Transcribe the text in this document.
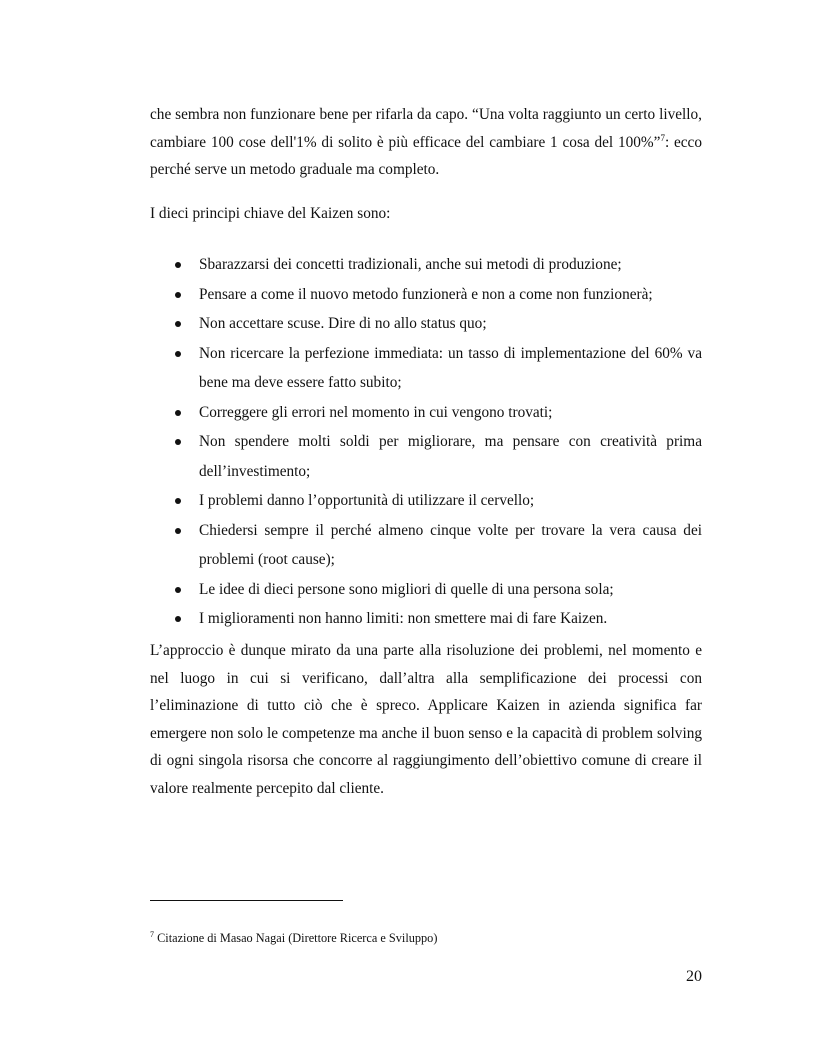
che sembra non funzionare bene per rifarla da capo. “Una volta raggiunto un certo livello, cambiare 100 cose dell'1% di solito è più efficace del cambiare 1 cosa del 100%”$^7$: ecco perché serve un metodo graduale ma completo.

I dieci principi chiave del Kaizen sono:

Sbarazzarsi dei concetti tradizionali, anche sui metodi di produzione;
Pensare a come il nuovo metodo funzionerà e non a come non funzionerà;
Non accettare scuse. Dire di no allo status quo;
Non ricercare la perfezione immediata: un tasso di implementazione del 60% va bene ma deve essere fatto subito;
Correggere gli errori nel momento in cui vengono trovati;
Non spendere molti soldi per migliorare, ma pensare con creatività prima dell’investimento;
I problemi danno l’opportunità di utilizzare il cervello;
Chiedersi sempre il perché almeno cinque volte per trovare la vera causa dei problemi (root cause);
Le idee di dieci persone sono migliori di quelle di una persona sola;
I miglioramenti non hanno limiti: non smettere mai di fare Kaizen.

L’approccio è dunque mirato da una parte alla risoluzione dei problemi, nel momento e nel luogo in cui si verificano, dall’altra alla semplificazione dei processi con l’eliminazione di tutto ciò che è spreco. Applicare Kaizen in azienda significa far emergere non solo le competenze ma anche il buon senso e la capacità di problem solving di ogni singola risorsa che concorre al raggiungimento dell’obiettivo comune di creare il valore realmente percepito dal cliente.

$^7$ Citazione di Masao Nagai (Direttore Ricerca e Sviluppo)
20
